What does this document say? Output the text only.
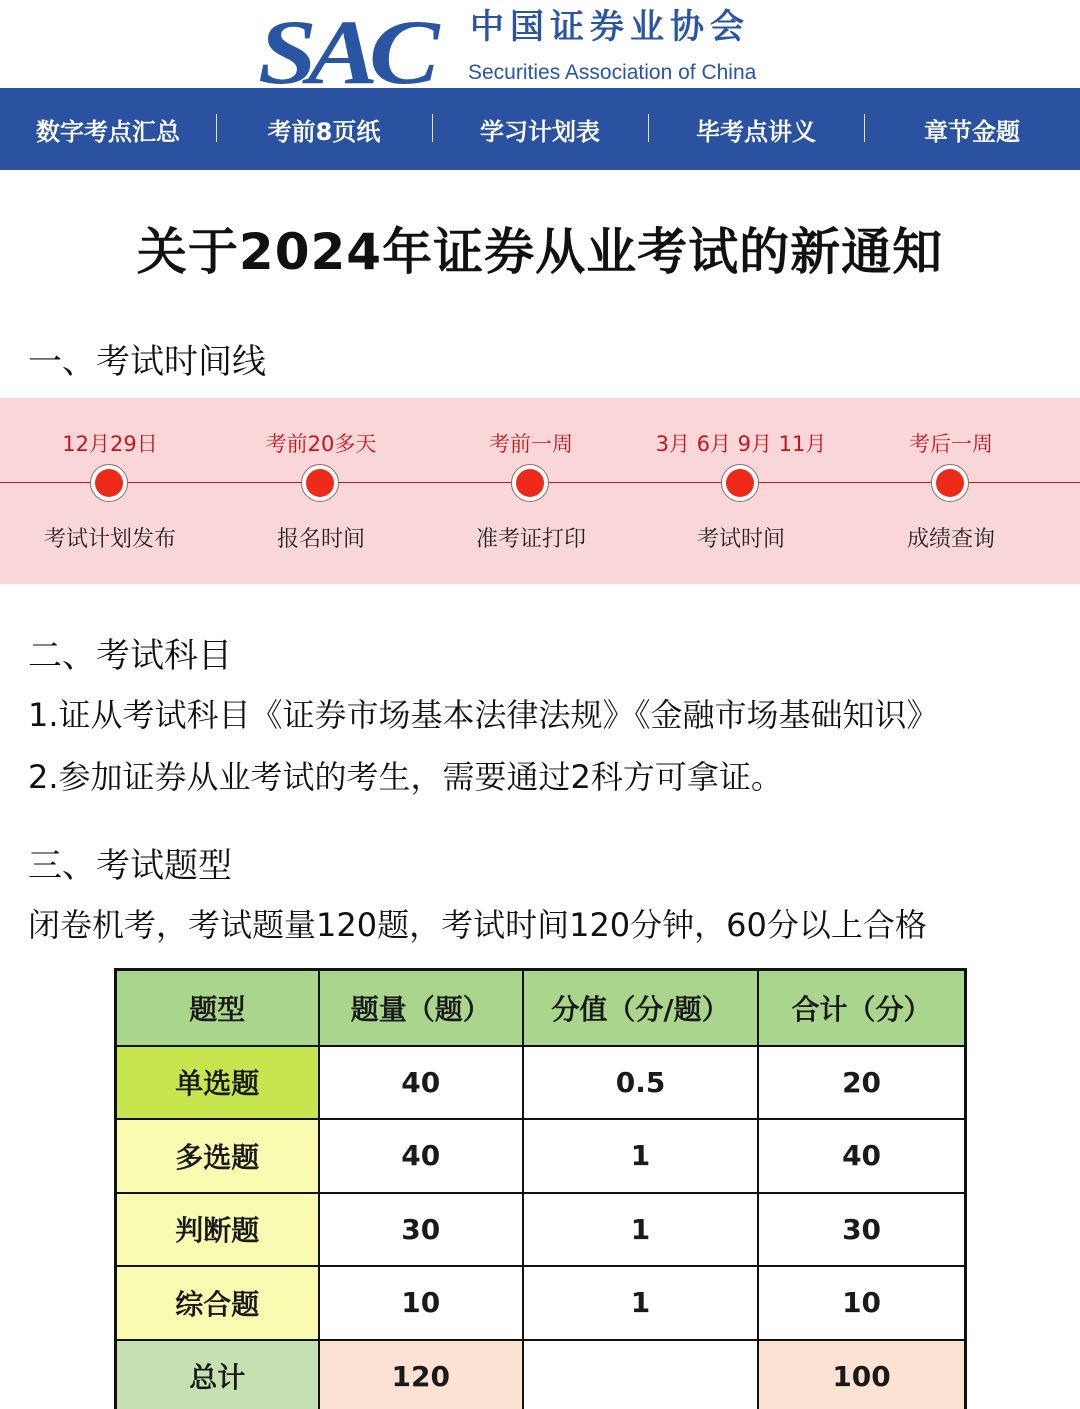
SAC 中国证券业协会
Securities Association of China
数字考点汇总	考前8页纸	学习计划表	毕考点讲义	章节金题
关于2024年证券从业考试的新通知
一、考试时间线
12月29日
考试计划发布
考前20多天
报名时间
考前一周
准考证打印
3月 6月 9月 11月
考试时间
考后一周
成绩查询
二、考试科目
1.证从考试科目《证券市场基本法律法规》《金融市场基础知识》
2.参加证券从业考试的考生，需要通过2科方可拿证。
三、考试题型
闭卷机考，考试题量120题，考试时间120分钟，60分以上合格
题型	题量（题）	分值（分/题）	合计（分）
单选题	40	0.5	20
多选题	40	1	40
判断题	30	1	30
综合题	10	1	10
总计	120		100
